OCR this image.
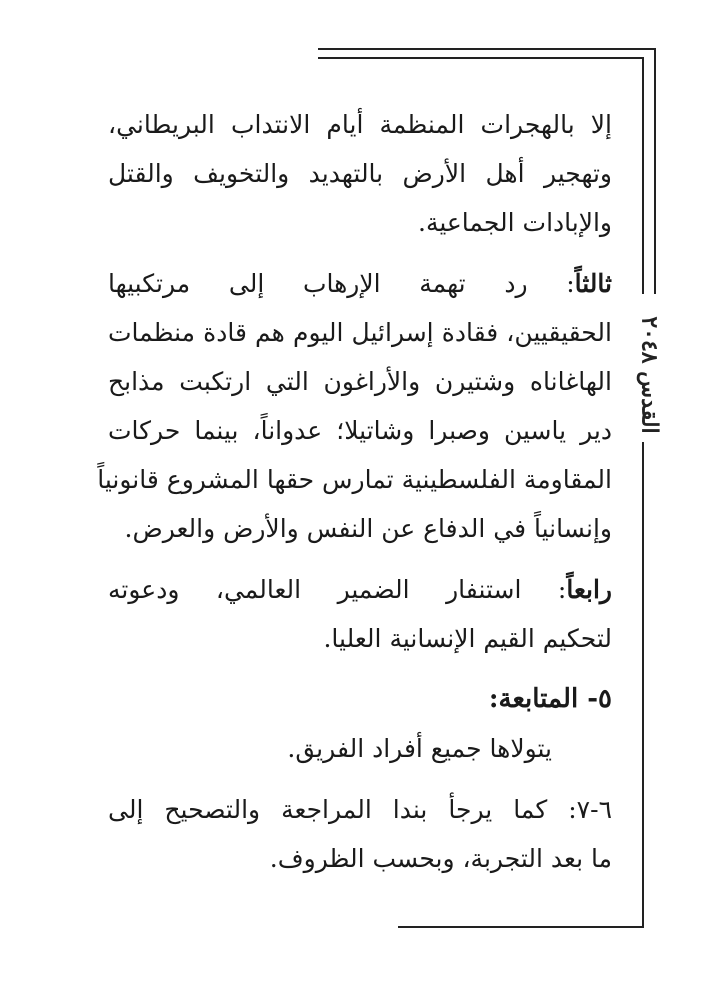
القدس ٢٠٤٨
إلا بالهجرات المنظمة أيام الانتداب البريطاني،
وتهجير أهل الأرض بالتهديد والتخويف والقتل
والإبادات الجماعية.
ثالثاً: رد تهمة الإرهاب إلى مرتكبيها
الحقيقيين، فقادة إسرائيل اليوم هم قادة منظمات
الهاغاناه وشتيرن والأراغون التي ارتكبت مذابح
دير ياسين وصبرا وشاتيلا؛ عدواناً، بينما حركات
المقاومة الفلسطينية تمارس حقها المشروع قانونياً
وإنسانياً في الدفاع عن النفس والأرض والعرض.
رابعاً: استنفار الضمير العالمي، ودعوته
لتحكيم القيم الإنسانية العليا.
٥- المتابعة:
يتولاها جميع أفراد الفريق.
٦-٧: كما يرجأ بندا المراجعة والتصحيح إلى
ما بعد التجربة، وبحسب الظروف.
